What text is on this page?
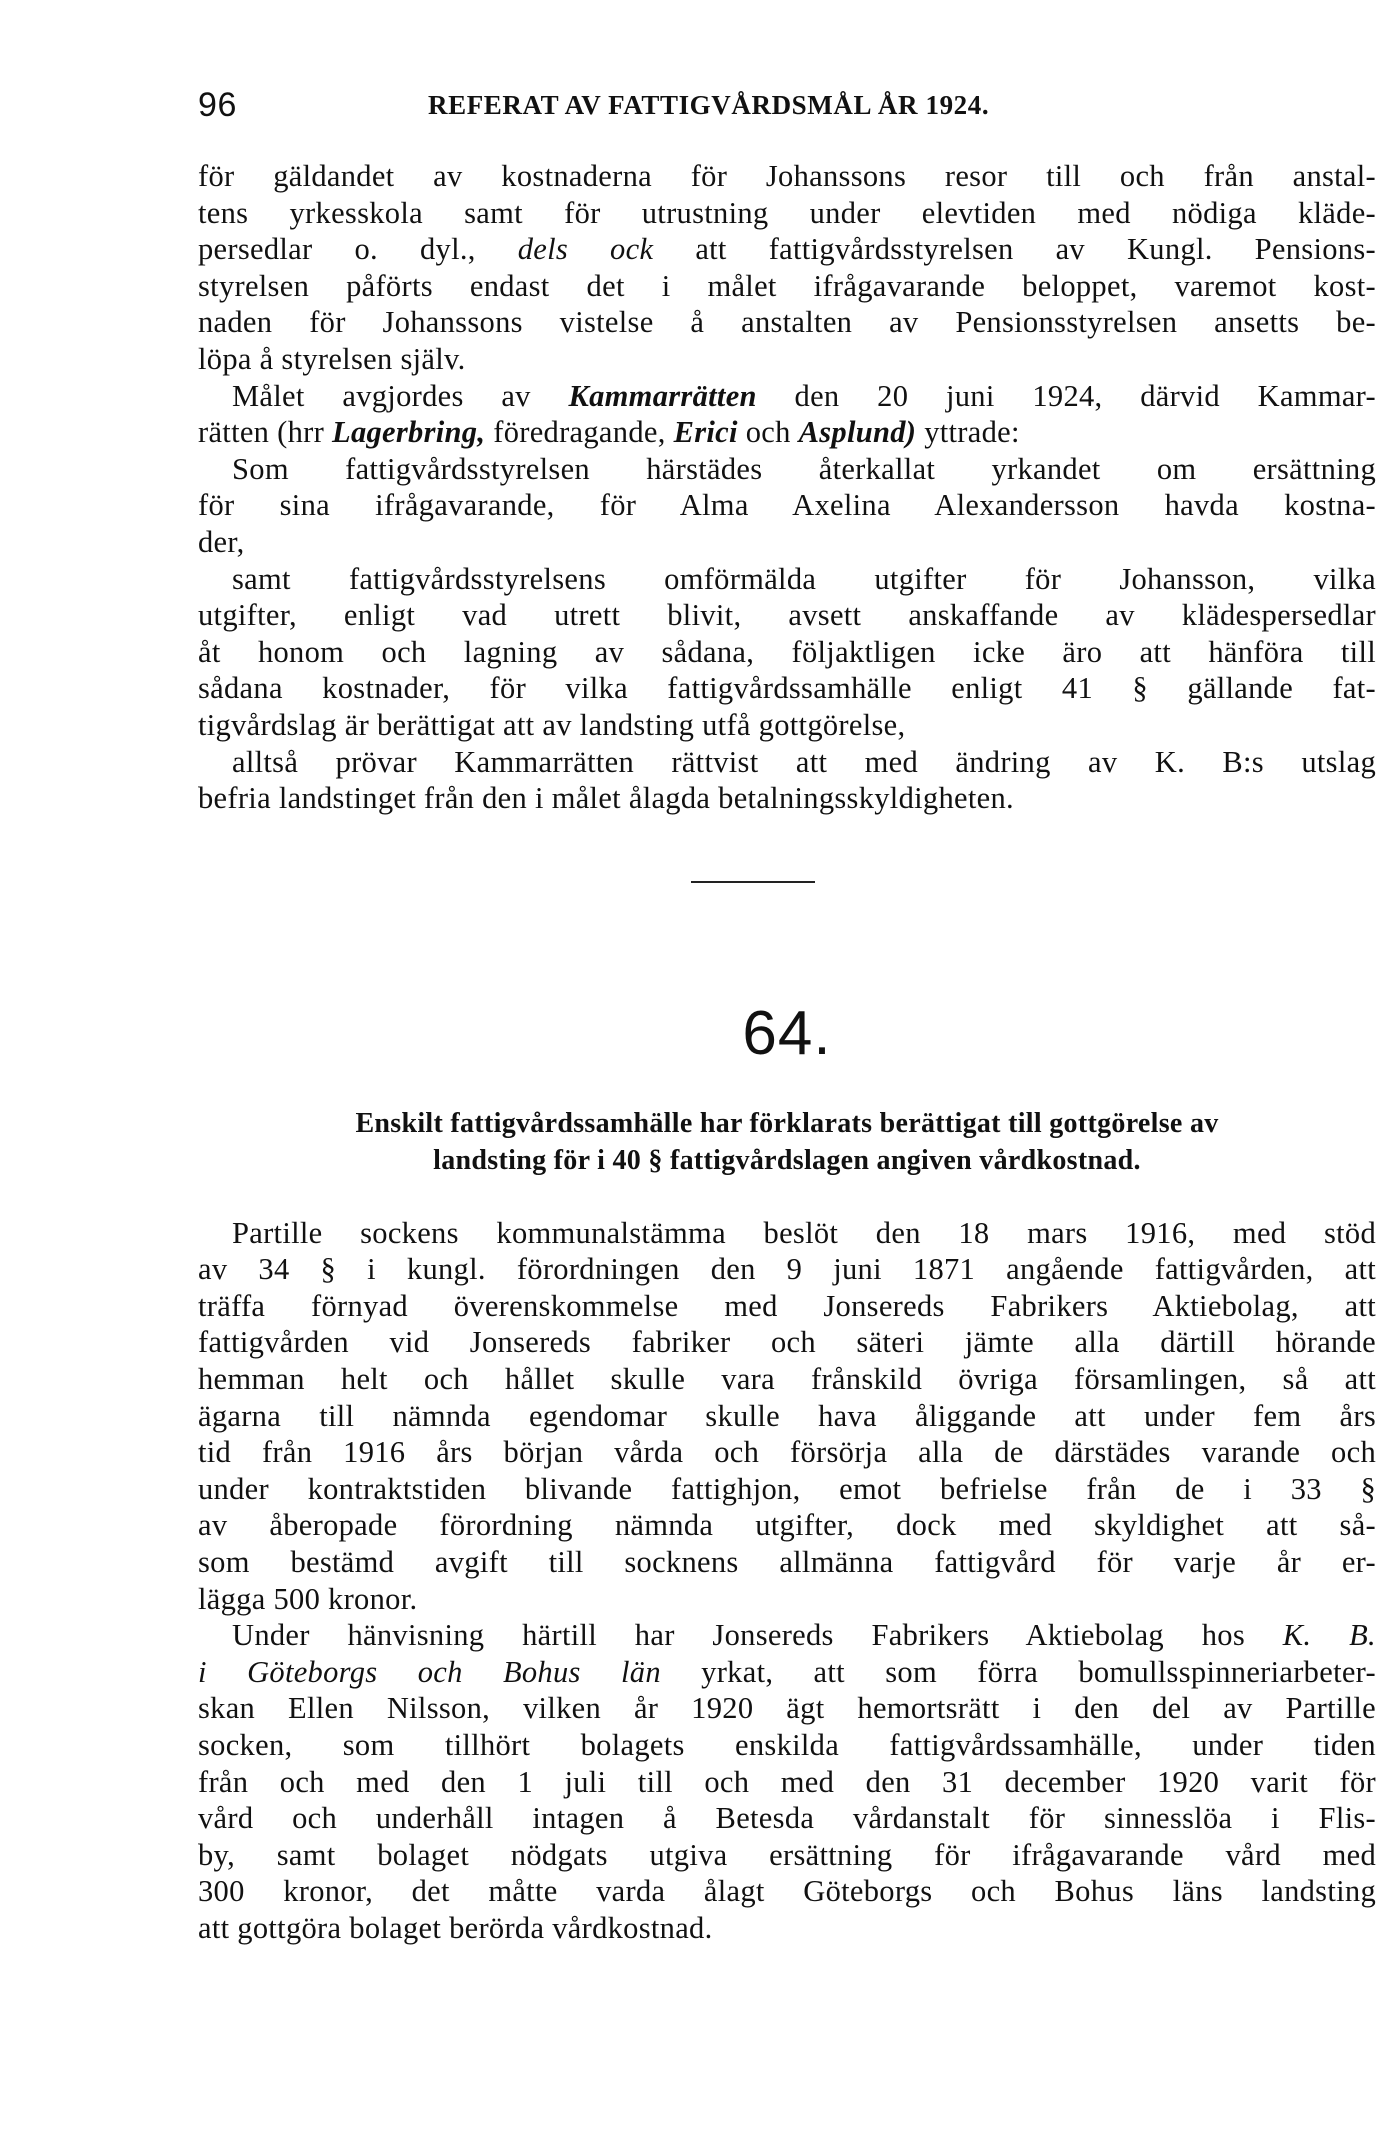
96	REFERAT AV FATTIGVÅRDSMÅL ÅR 1924.

för gäldandet av kostnaderna för Johanssons resor till och från anstal-
tens yrkesskola samt för utrustning under elevtiden med nödiga kläde-
persedlar o. dyl., dels ock att fattigvårdsstyrelsen av Kungl. Pensions-
styrelsen påförts endast det i målet ifrågavarande beloppet, varemot kost-
naden för Johanssons vistelse å anstalten av Pensionsstyrelsen ansetts be-
löpa å styrelsen själv.

Målet avgjordes av Kammarrätten den 20 juni 1924, därvid Kammar-

rätten (hrr Lagerbring, föredragande, Erici och Asplund) yttrade:

Som fattigvårdsstyrelsen härstädes återkallat yrkandet om ersättning

för sina ifrågavarande, för Alma Axelina Alexandersson havda kostna-
der,

samt fattigvårdsstyrelsens omförmälda utgifter för Johansson, vilka

utgifter, enligt vad utrett blivit, avsett anskaffande av klädespersedlar
åt honom och lagning av sådana, följaktligen icke äro att hänföra till
sådana kostnader, för vilka fattigvårdssamhälle enligt 41 § gällande fat-
tigvårdslag är berättigat att av landsting utfå gottgörelse,

alltså prövar Kammarrätten rättvist att med ändring av K. B:s utslag

befria landstinget från den i målet ålagda betalningsskyldigheten.

64.
Enskilt fattigvårdssamhälle har förklarats berättigat till gottgörelse av
landsting för i 40 § fattigvårdslagen angiven vårdkostnad.

Partille sockens kommunalstämma beslöt den 18 mars 1916, med stöd

av 34 § i kungl. förordningen den 9 juni 1871 angående fattigvården, att
träffa förnyad överenskommelse med Jonsereds Fabrikers Aktiebolag, att
fattigvården vid Jonsereds fabriker och säteri jämte alla därtill hörande
hemman helt och hållet skulle vara frånskild övriga församlingen, så att
ägarna till nämnda egendomar skulle hava åliggande att under fem års
tid från 1916 års början vårda och försörja alla de därstädes varande och
under kontraktstiden blivande fattighjon, emot befrielse från de i 33 §
av åberopade förordning nämnda utgifter, dock med skyldighet att så-
som bestämd avgift till socknens allmänna fattigvård för varje år er-
lägga 500 kronor.

Under hänvisning härtill har Jonsereds Fabrikers Aktiebolag hos K. B.

i Göteborgs och Bohus län yrkat, att som förra bomullsspinneriarbeter-
skan Ellen Nilsson, vilken år 1920 ägt hemortsrätt i den del av Partille
socken, som tillhört bolagets enskilda fattigvårdssamhälle, under tiden
från och med den 1 juli till och med den 31 december 1920 varit för
vård och underhåll intagen å Betesda vårdanstalt för sinnesslöa i Flis-
by, samt bolaget nödgats utgiva ersättning för ifrågavarande vård med
300 kronor, det måtte varda ålagt Göteborgs och Bohus läns landsting
att gottgöra bolaget berörda vårdkostnad.
